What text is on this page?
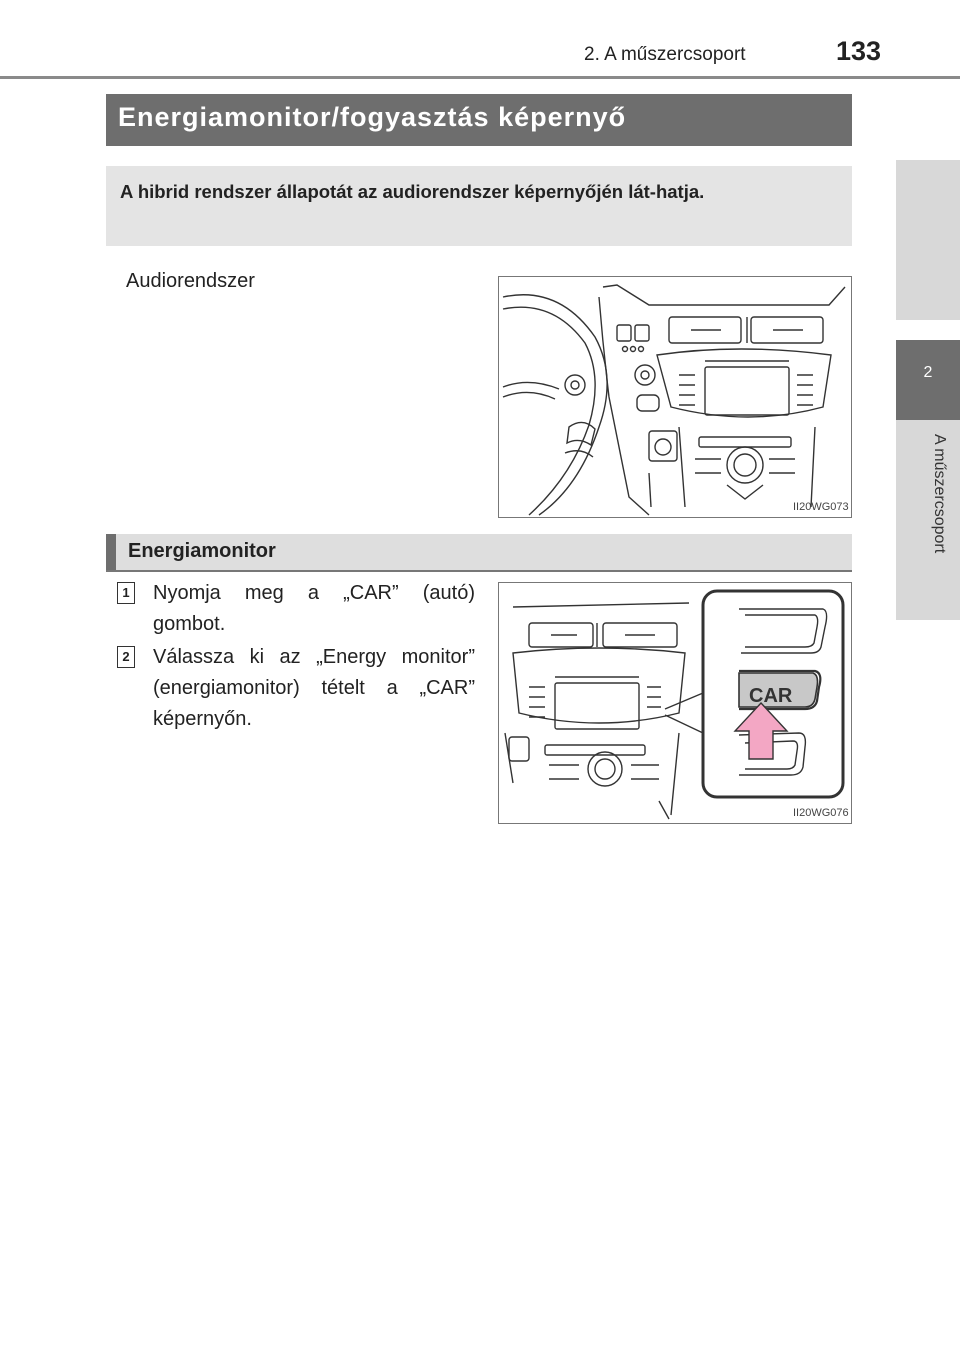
2. A műszercsoport	133
2
A műszercsoport
Energiamonitor/fogyasztás képernyő
A hibrid rendszer állapotát az audiorendszer képernyőjén lát-hatja.
Audiorendszer
II20WG073
Energiamonitor
1 Nyomja meg a „CAR” (autó)
gombot.
2 Válassza ki az „Energy monitor”
(energiamonitor) tételt a „CAR”
képernyőn.
CAR
II20WG076
